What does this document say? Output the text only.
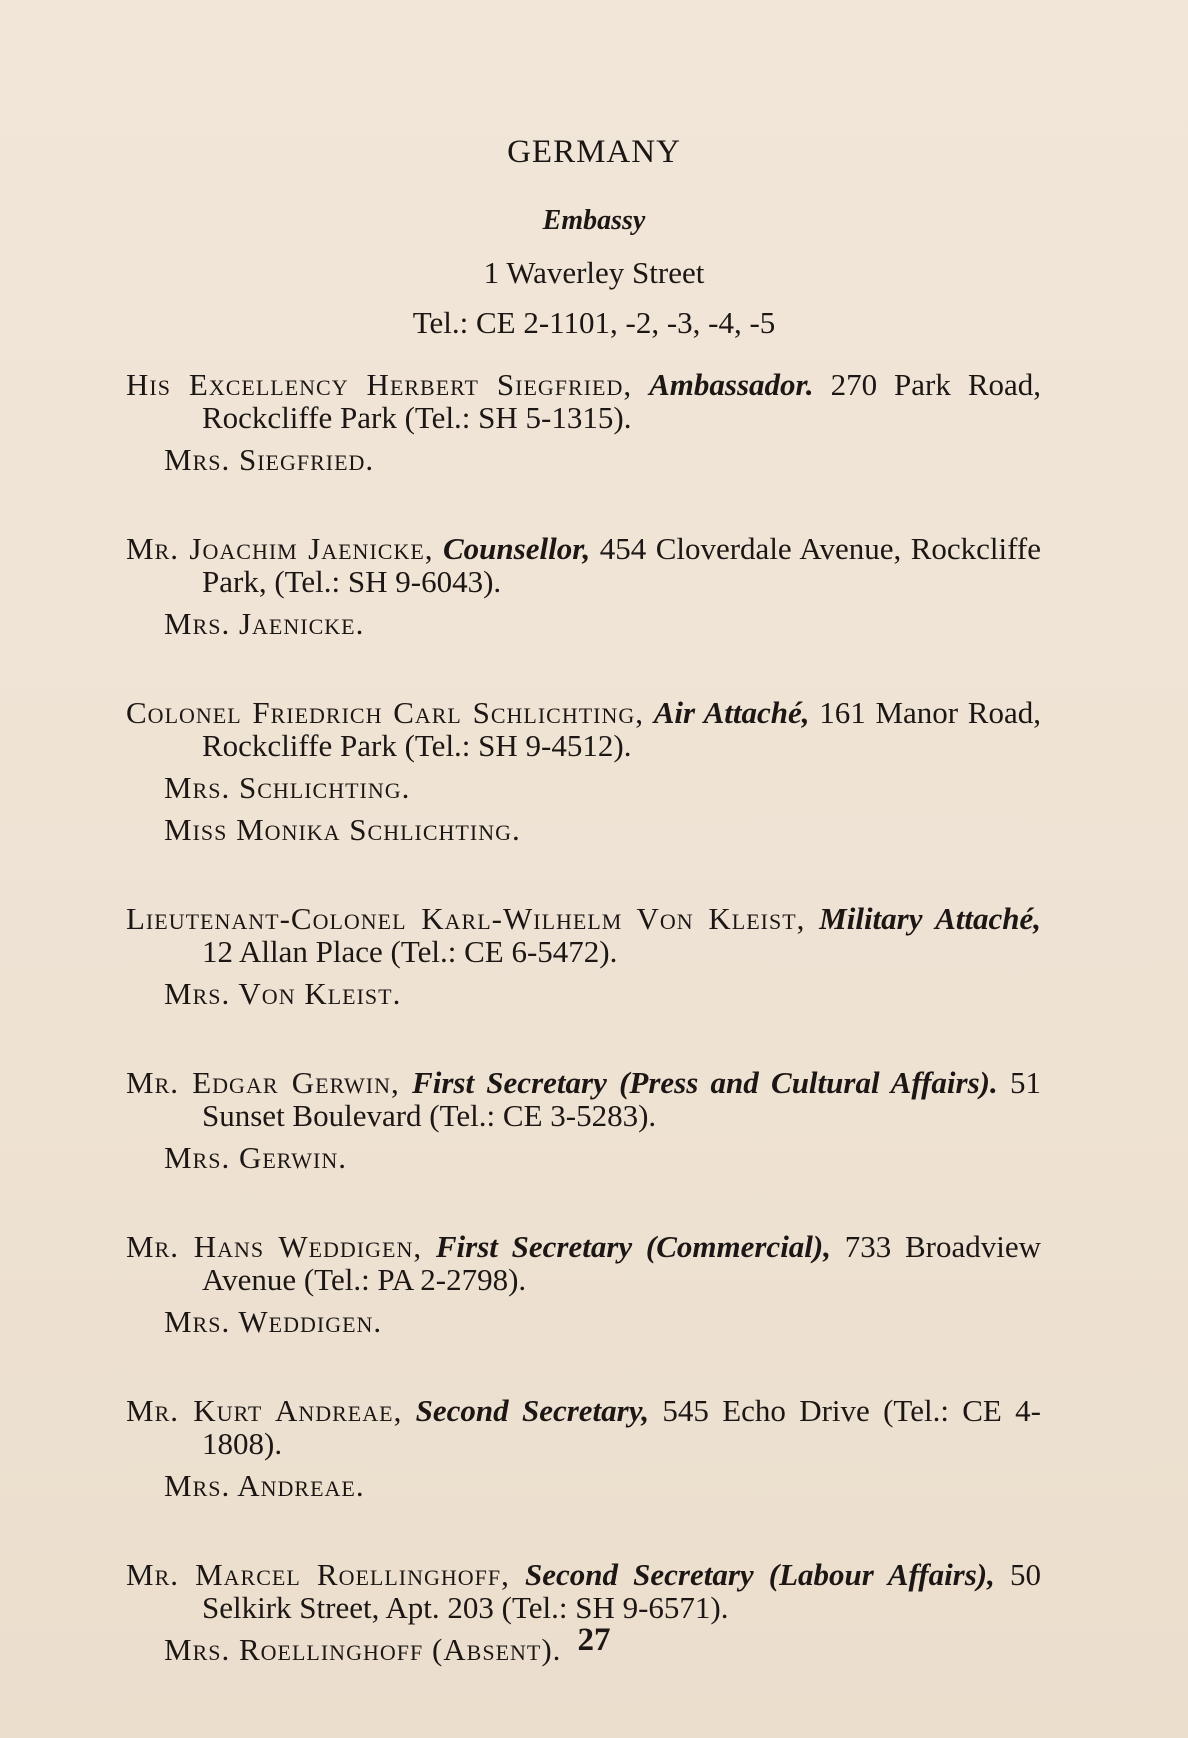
GERMANY
Embassy
1 Waverley Street
Tel.: CE 2-1101, -2, -3, -4, -5

His Excellency Herbert Siegfried, Ambassador. 270 Park Road, Rockcliffe Park (Tel.: SH 5-1315).

Mrs. Siegfried.

Mr. Joachim Jaenicke, Counsellor, 454 Cloverdale Avenue, Rockcliffe Park, (Tel.: SH 9-6043).

Mrs. Jaenicke.

Colonel Friedrich Carl Schlichting, Air Attaché, 161 Manor Road, Rockcliffe Park (Tel.: SH 9-4512).

Mrs. Schlichting.

Miss Monika Schlichting.

Lieutenant-Colonel Karl-Wilhelm Von Kleist, Military Attaché, 12 Allan Place (Tel.: CE 6-5472).

Mrs. Von Kleist.

Mr. Edgar Gerwin, First Secretary (Press and Cultural Affairs). 51 Sunset Boulevard (Tel.: CE 3-5283).

Mrs. Gerwin.

Mr. Hans Weddigen, First Secretary (Commercial), 733 Broadview Avenue (Tel.: PA 2-2798).

Mrs. Weddigen.

Mr. Kurt Andreae, Second Secretary, 545 Echo Drive (Tel.: CE 4-1808).

Mrs. Andreae.

Mr. Marcel Roellinghoff, Second Secretary (Labour Affairs), 50 Selkirk Street, Apt. 203 (Tel.: SH 9-6571).

Mrs. Roellinghoff (Absent). 27
